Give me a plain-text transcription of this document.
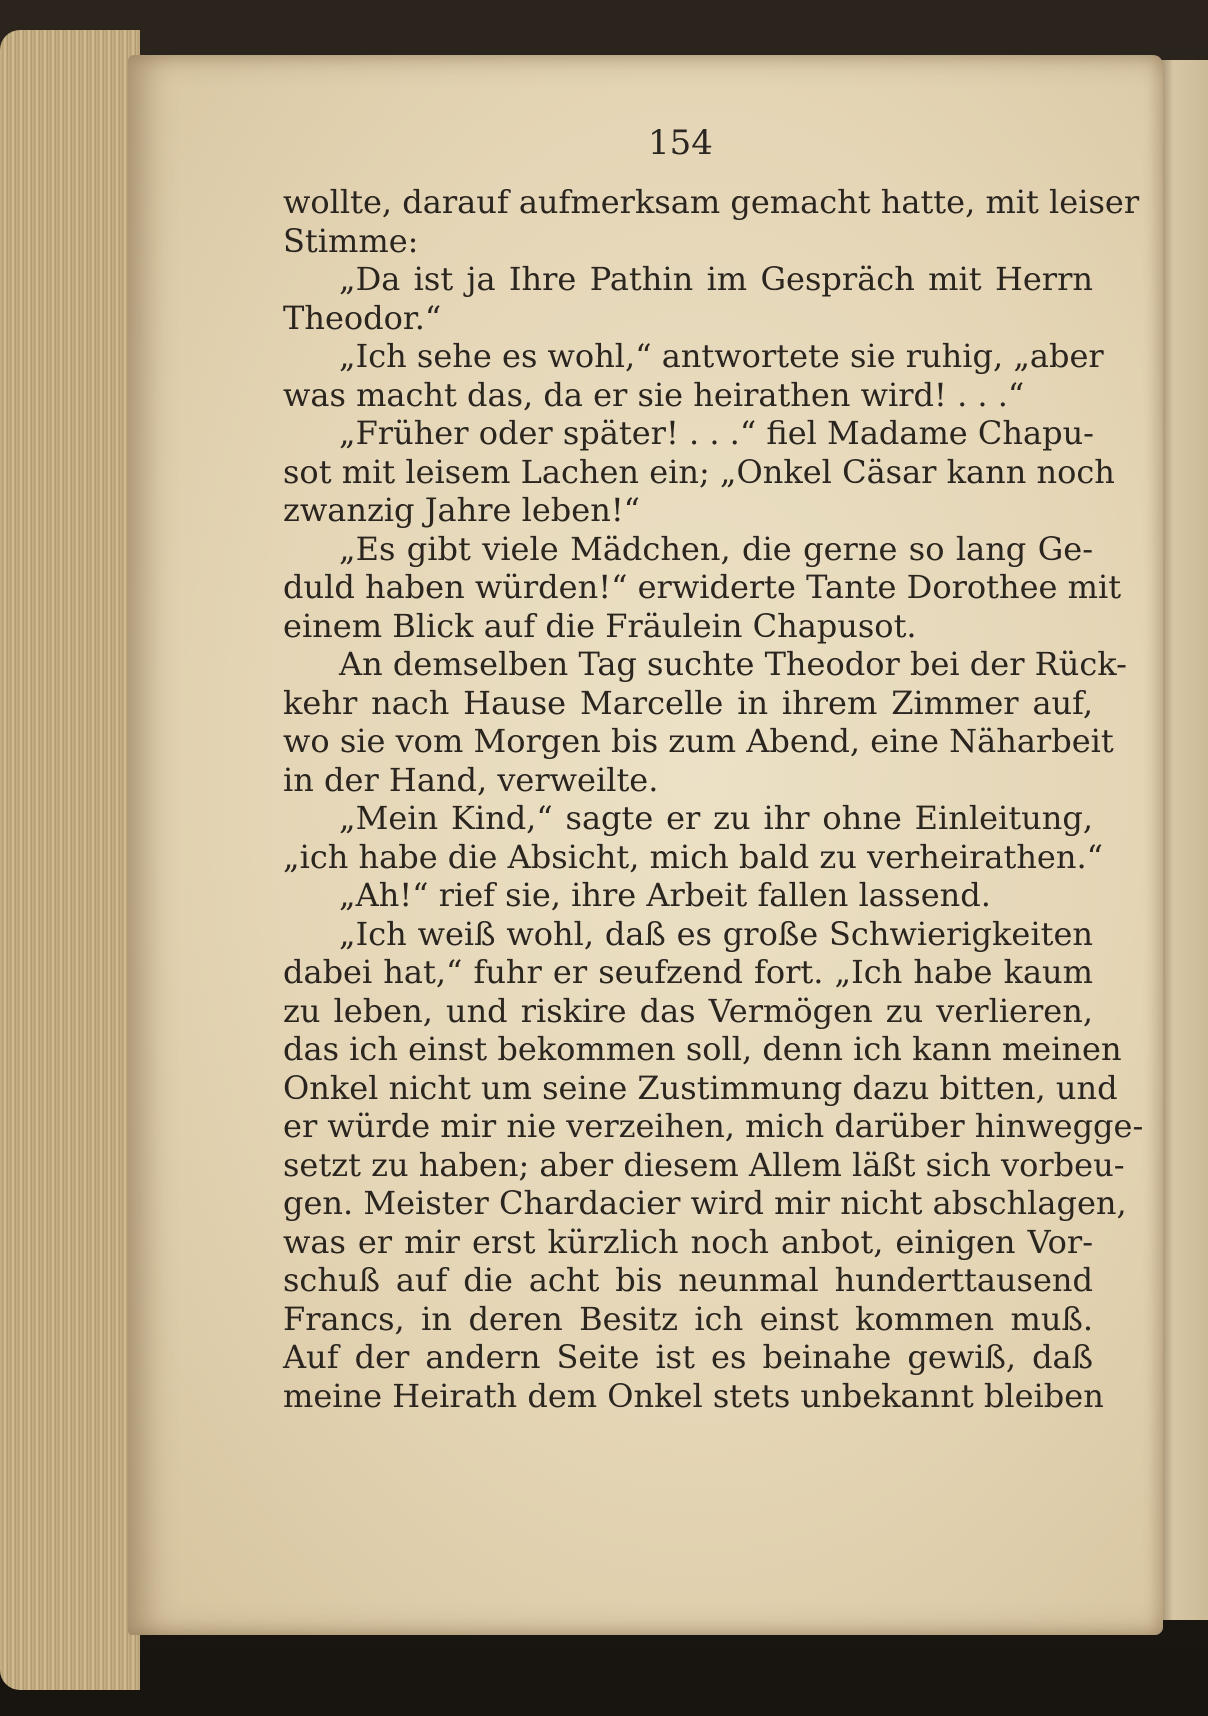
154
wollte, darauf aufmerksam gemacht hatte, mit leiser
Stimme:
„Da ist ja Ihre Pathin im Gespräch mit Herrn
Theodor.“
„Ich sehe es wohl,“ antwortete sie ruhig, „aber
was macht das, da er sie heirathen wird! . . .“
„Früher oder später! . . .“ fiel Madame Chapu-
sot mit leisem Lachen ein; „Onkel Cäsar kann noch
zwanzig Jahre leben!“
„Es gibt viele Mädchen, die gerne so lang Ge-
duld haben würden!“ erwiderte Tante Dorothee mit
einem Blick auf die Fräulein Chapusot.
An demselben Tag suchte Theodor bei der Rück-
kehr nach Hause Marcelle in ihrem Zimmer auf,
wo sie vom Morgen bis zum Abend, eine Näharbeit
in der Hand, verweilte.
„Mein Kind,“ sagte er zu ihr ohne Einleitung,
„ich habe die Absicht, mich bald zu verheirathen.“
„Ah!“ rief sie, ihre Arbeit fallen lassend.
„Ich weiß wohl, daß es große Schwierigkeiten
dabei hat,“ fuhr er seufzend fort. „Ich habe kaum
zu leben, und riskire das Vermögen zu verlieren,
das ich einst bekommen soll, denn ich kann meinen
Onkel nicht um seine Zustimmung dazu bitten, und
er würde mir nie verzeihen, mich darüber hinwegge-
setzt zu haben; aber diesem Allem läßt sich vorbeu-
gen. Meister Chardacier wird mir nicht abschlagen,
was er mir erst kürzlich noch anbot, einigen Vor-
schuß auf die acht bis neunmal hunderttausend
Francs, in deren Besitz ich einst kommen muß.
Auf der andern Seite ist es beinahe gewiß, daß
meine Heirath dem Onkel stets unbekannt bleiben
